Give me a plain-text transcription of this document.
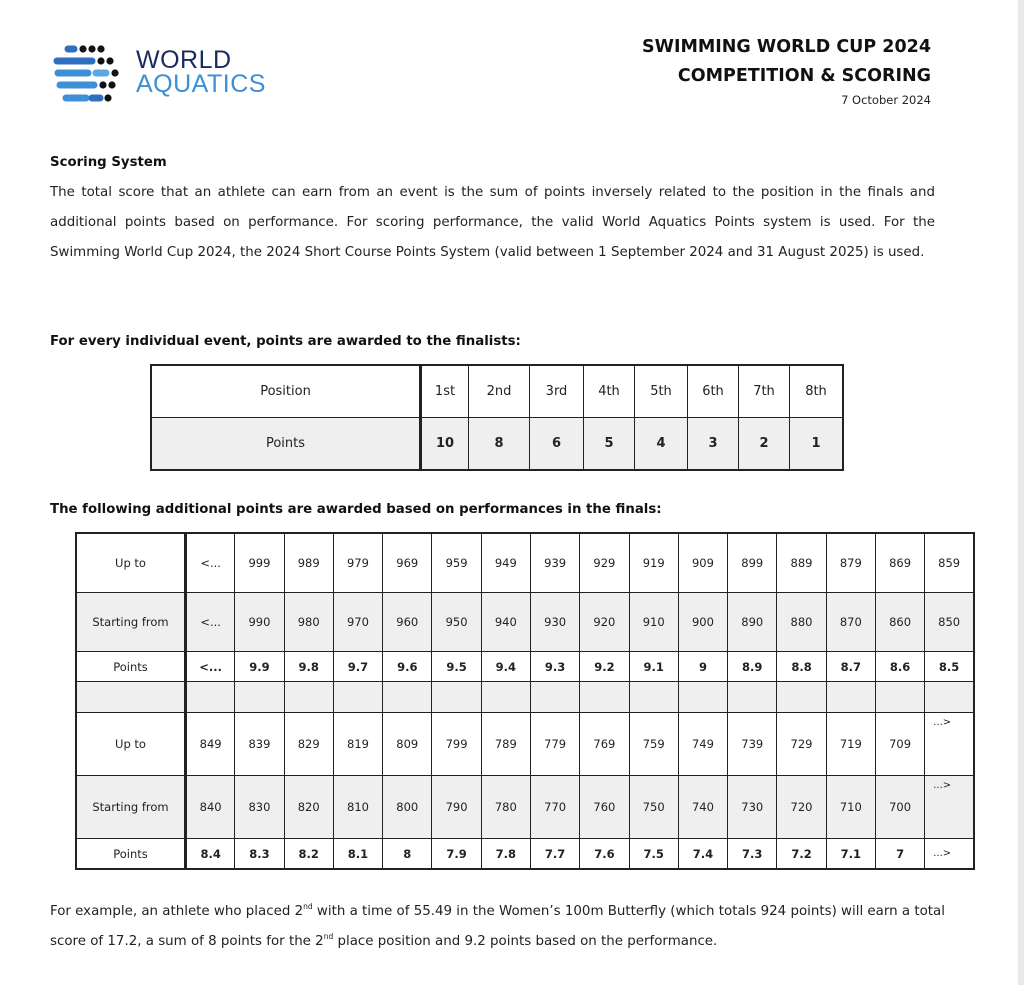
WORLD
AQUATICS
SWIMMING WORLD CUP 2024
COMPETITION & SCORING
7 October 2024
Scoring System
The total score that an athlete can earn from an event is the sum of points inversely related to the position in the finals and additional points based on performance. For scoring performance, the valid World Aquatics Points system is used. For the Swimming World Cup 2024, the 2024 Short Course Points System (valid between 1 September 2024 and 31 August 2025) is used.
For every individual event, points are awarded to the finalists:
Position	1st	2nd	3rd	4th	5th	6th	7th	8th
Points	10	8	6	5	4	3	2	1
The following additional points are awarded based on performances in the finals:
Up to	<...	999	989	979	969	959	949	939	929	919	909	899	889	879	869	859
Starting from	<...	990	980	970	960	950	940	930	920	910	900	890	880	870	860	850
Points	<...	9.9	9.8	9.7	9.6	9.5	9.4	9.3	9.2	9.1	9	8.9	8.8	8.7	8.6	8.5

Up to	849	839	829	819	809	799	789	779	769	759	749	739	729	719	709	...>
Starting from	840	830	820	810	800	790	780	770	760	750	740	730	720	710	700	...>
Points	8.4	8.3	8.2	8.1	8	7.9	7.8	7.7	7.6	7.5	7.4	7.3	7.2	7.1	7	...>
For example, an athlete who placed 2nd with a time of 55.49 in the Women’s 100m Butterfly (which totals 924 points) will earn a total score of 17.2, a sum of 8 points for the 2nd place position and 9.2 points based on the performance.
